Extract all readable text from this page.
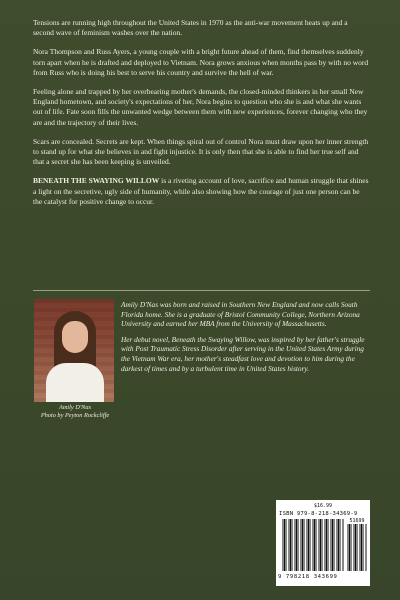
Tensions are running high throughout the United States in 1970 as the anti-war movement heats up and a second wave of feminism washes over the nation.

Nora Thompson and Russ Ayers, a young couple with a bright future ahead of them, find themselves suddenly torn apart when he is drafted and deployed to Vietnam. Nora grows anxious when months pass by with no word from Russ who is doing his best to serve his country and survive the hell of war.

Feeling alone and trapped by her overbearing mother's demands, the closed-minded thinkers in her small New England hometown, and society's expectations of her, Nora begins to question who she is and what she wants out of life. Fate soon fills the unwanted wedge between them with new experiences, forever changing who they are and the trajectory of their lives.

Scars are concealed. Secrets are kept. When things spiral out of control Nora must draw upon her inner strength to stand up for what she believes in and fight injustice. It is only then that she is able to find her true self and that a secret she has been keeping is unveiled.

BENEATH THE SWAYING WILLOW is a riveting account of love, sacrifice and human struggle that shines a light on the secretive, ugly side of humanity, while also showing how the courage of just one person can be the catalyst for positive change to occur.

Amily D'Nas
Photo by Peyton Rockcliffe

Amily D'Nas was born and raised in Southern New England and now calls South Florida home. She is a graduate of Bristol Community College, Northern Arizona University and earned her MBA from the University of Massachusetts.

Her debut novel, Beneath the Swaying Willow, was inspired by her father's struggle with Post Traumatic Stress Disorder after serving in the United States Army during the Vietnam War era, her mother's steadfast love and devotion to him during the darkest of times and by a turbulent time in United States history.

$16.99
ISBN 979-8-218-34369-9
51699
9 798218 343699
